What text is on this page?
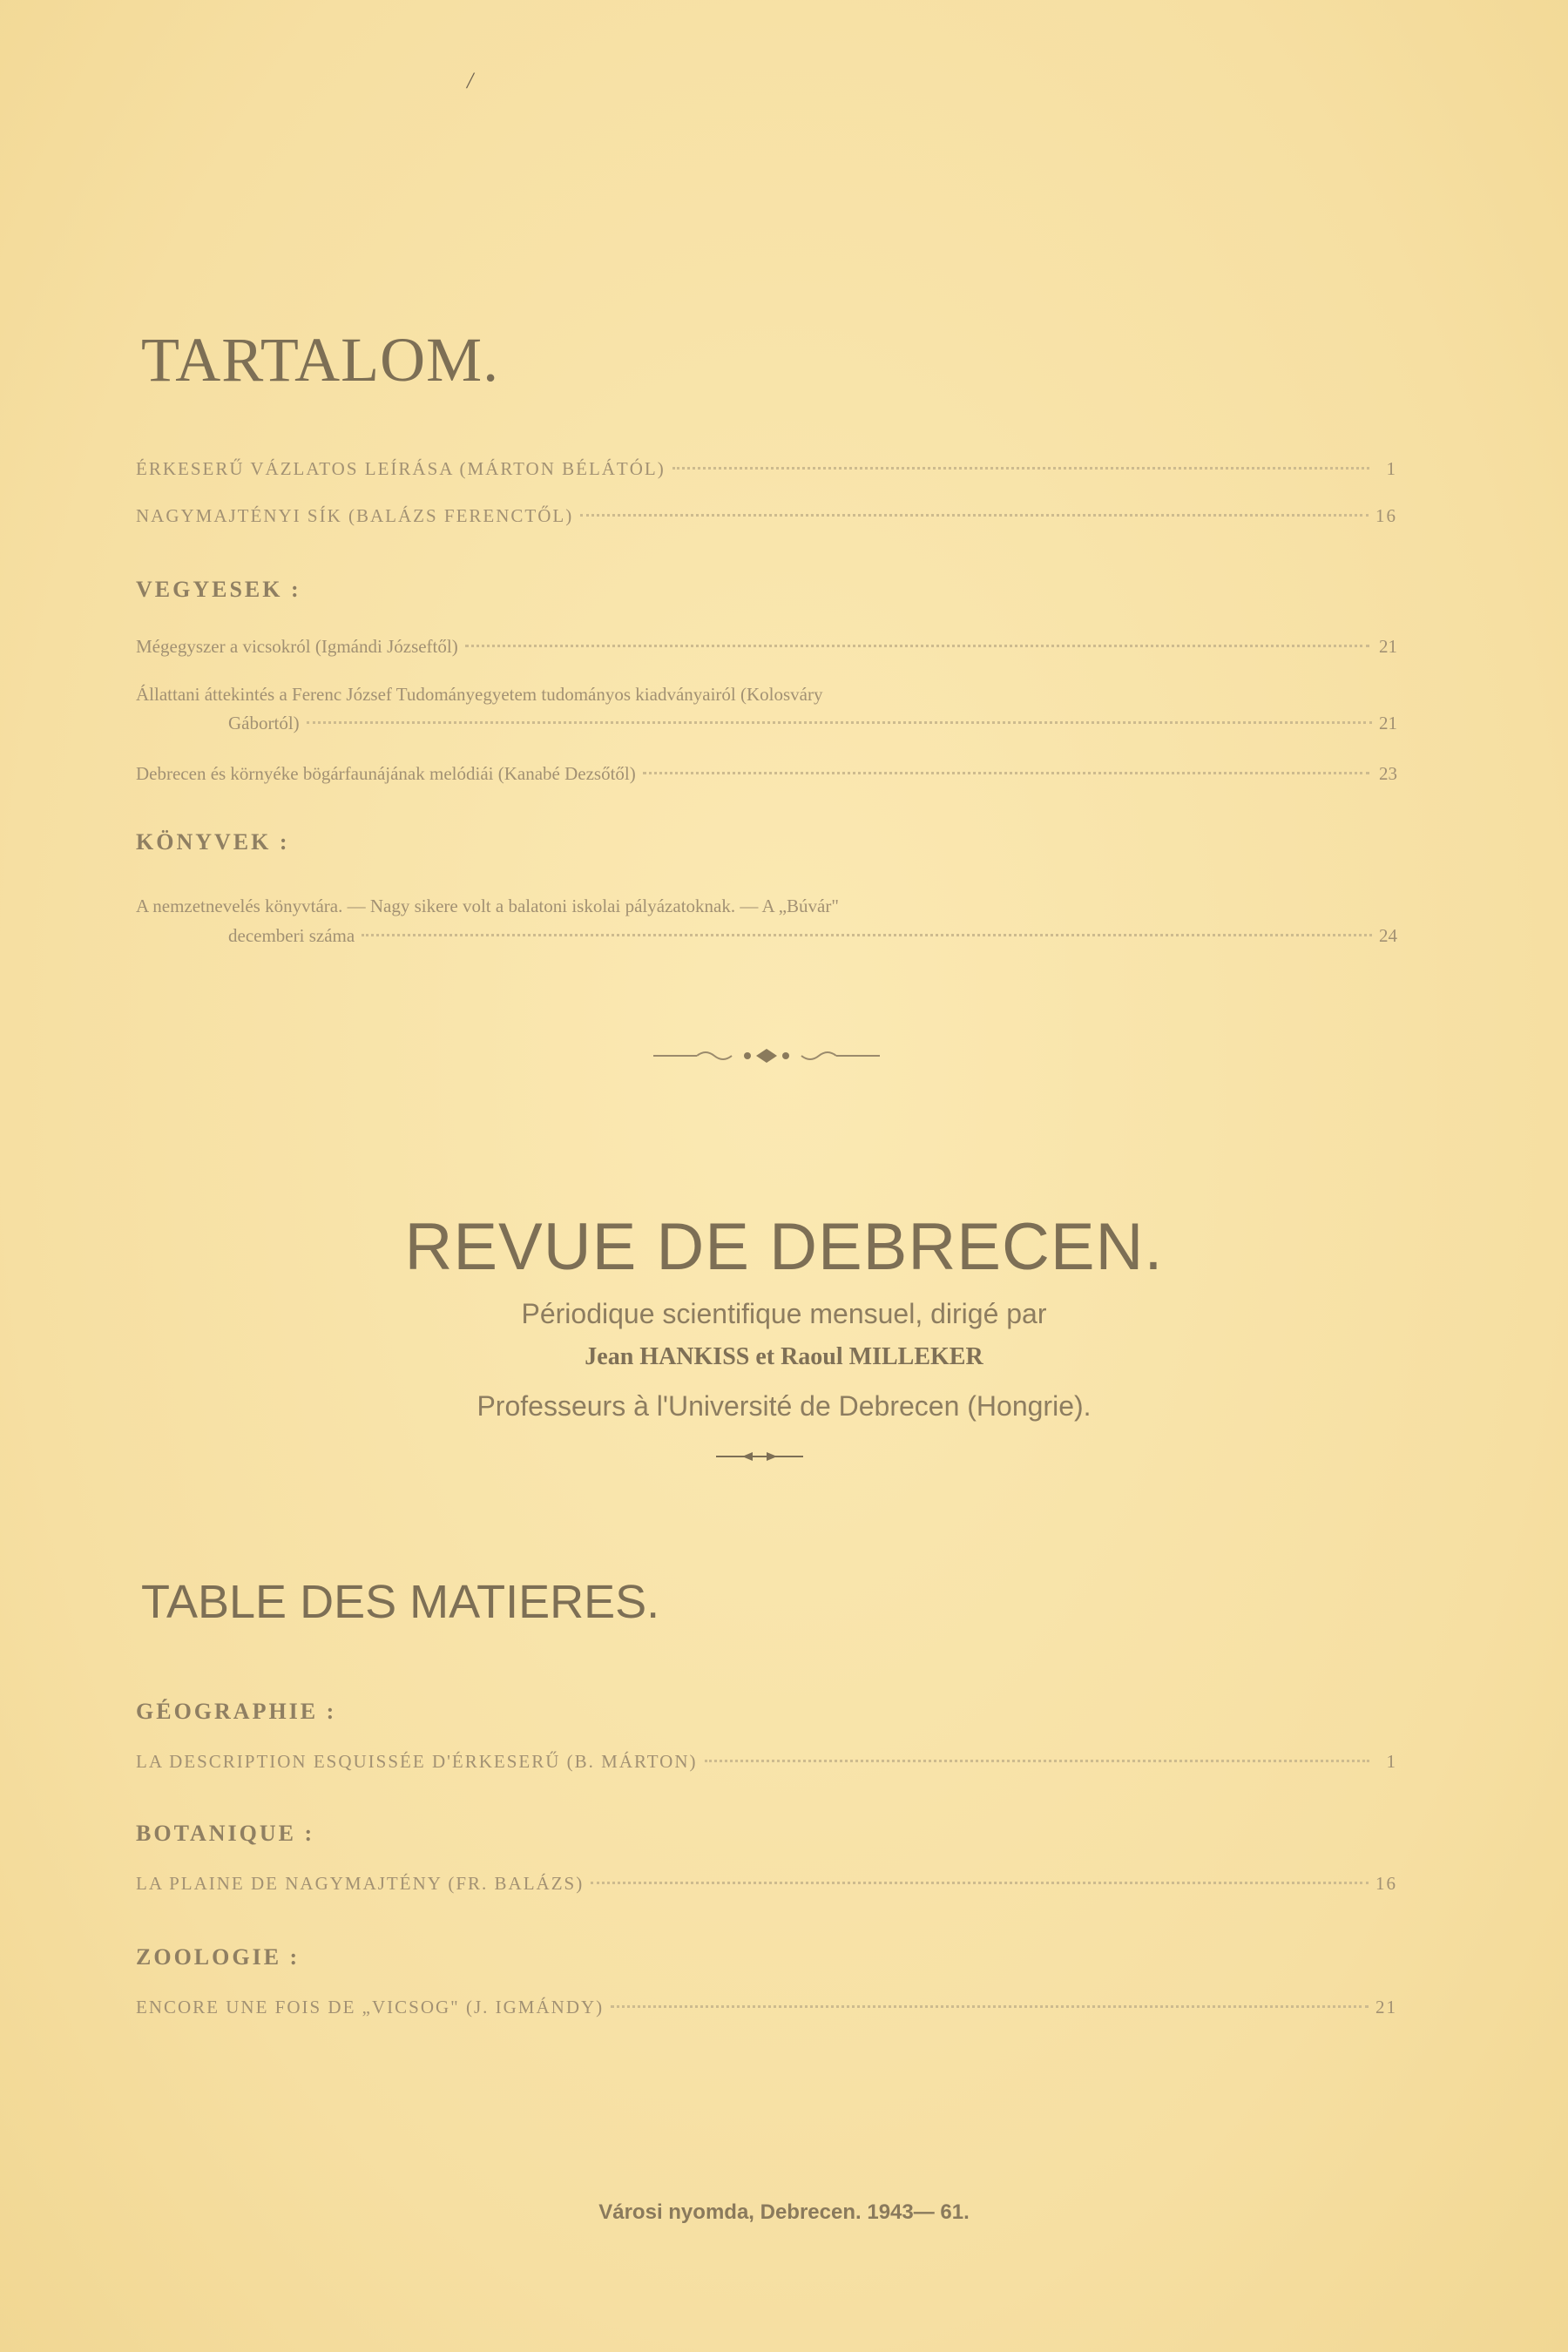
/
TARTALOM.
ÉRKESERŰ VÁZLATOS LEÍRÁSA (MÁRTON BÉLÁTÓL)	1
NAGYMAJTÉNYI SÍK (BALÁZS FERENCTŐL)	16
VEGYESEK :
Mégegyszer a vicsokról (Igmándi Józseftől)	21
Állattani áttekintés a Ferenc József Tudományegyetem tudományos kiadványairól (Kolosváry
Gábortól)	21
Debrecen és környéke bögárfaunájának melódiái (Kanabé Dezsőtől)	23
KÖNYVEK :
A nemzetnevelés könyvtára. — Nagy sikere volt a balatoni iskolai pályázatoknak. — A „Búvár"
decemberi száma	24
REVUE DE DEBRECEN.
Périodique scientifique mensuel, dirigé par
Jean HANKISS et Raoul MILLEKER
Professeurs à l'Université de Debrecen (Hongrie).
TABLE DES MATIERES.
GÉOGRAPHIE :
LA DESCRIPTION ESQUISSÉE D'ÉRKESERŰ (B. MÁRTON)	1
BOTANIQUE :
LA PLAINE DE NAGYMAJTÉNY (FR. BALÁZS)	16
ZOOLOGIE :
ENCORE UNE FOIS DE „VICSOG" (J. IGMÁNDY)	21
Városi nyomda, Debrecen. 1943— 61.
